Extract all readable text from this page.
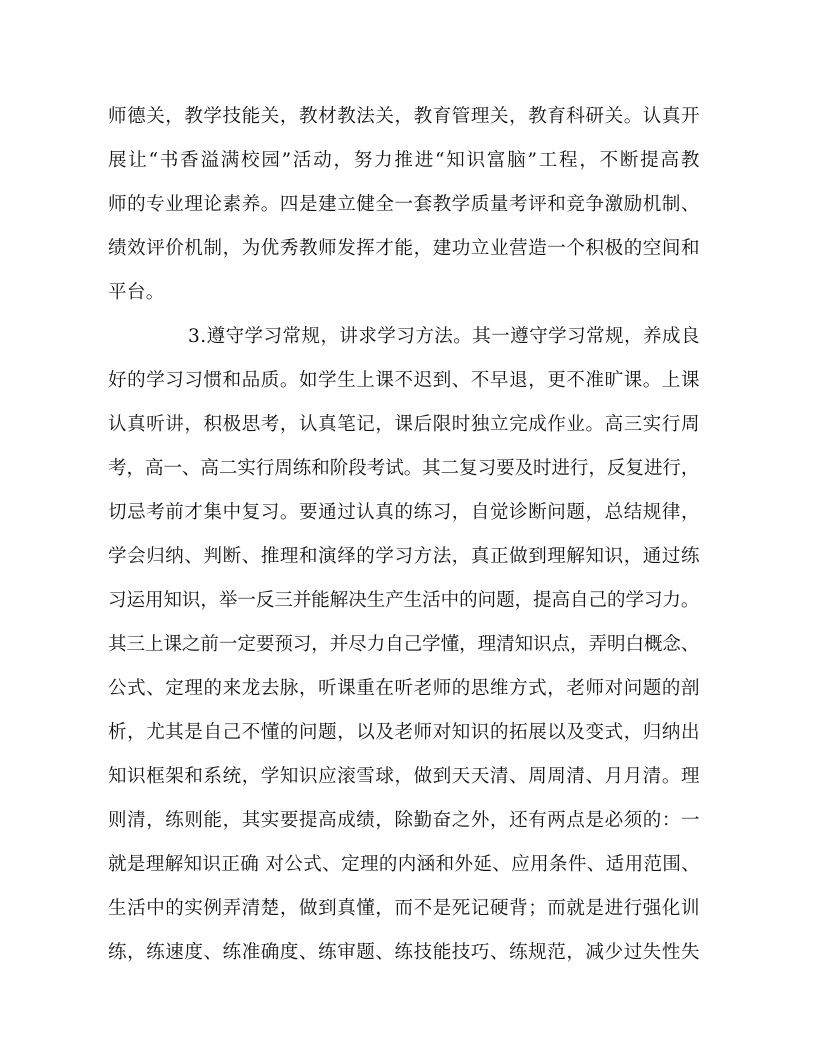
师德关，教学技能关，教材教法关，教育管理关，教育科研关。认真开
展让“书香溢满校园”活动，努力推进“知识富脑”工程，不断提高教
师的专业理论素养。四是建立健全一套教学质量考评和竞争激励机制、
绩效评价机制，为优秀教师发挥才能，建功立业营造一个积极的空间和
平台。
3.遵守学习常规，讲求学习方法。其一遵守学习常规，养成良
好的学习习惯和品质。如学生上课不迟到、不早退，更不准旷课。上课
认真听讲，积极思考，认真笔记，课后限时独立完成作业。高三实行周
考，高一、高二实行周练和阶段考试。其二复习要及时进行，反复进行，
切忌考前才集中复习。要通过认真的练习，自觉诊断问题，总结规律，
学会归纳、判断、推理和演绎的学习方法，真正做到理解知识，通过练
习运用知识，举一反三并能解决生产生活中的问题，提高自己的学习力。
其三上课之前一定要预习，并尽力自己学懂，理清知识点，弄明白概念、
公式、定理的来龙去脉，听课重在听老师的思维方式，老师对问题的剖
析，尤其是自己不懂的问题，以及老师对知识的拓展以及变式，归纳出
知识框架和系统，学知识应滚雪球，做到天天清、周周清、月月清。理
则清，练则能，其实要提高成绩，除勤奋之外，还有两点是必须的：一
就是理解知识正确 对公式、定理的内涵和外延、应用条件、适用范围、
生活中的实例弄清楚，做到真懂，而不是死记硬背；而就是进行强化训
练，练速度、练准确度、练审题、练技能技巧、练规范，减少过失性失
